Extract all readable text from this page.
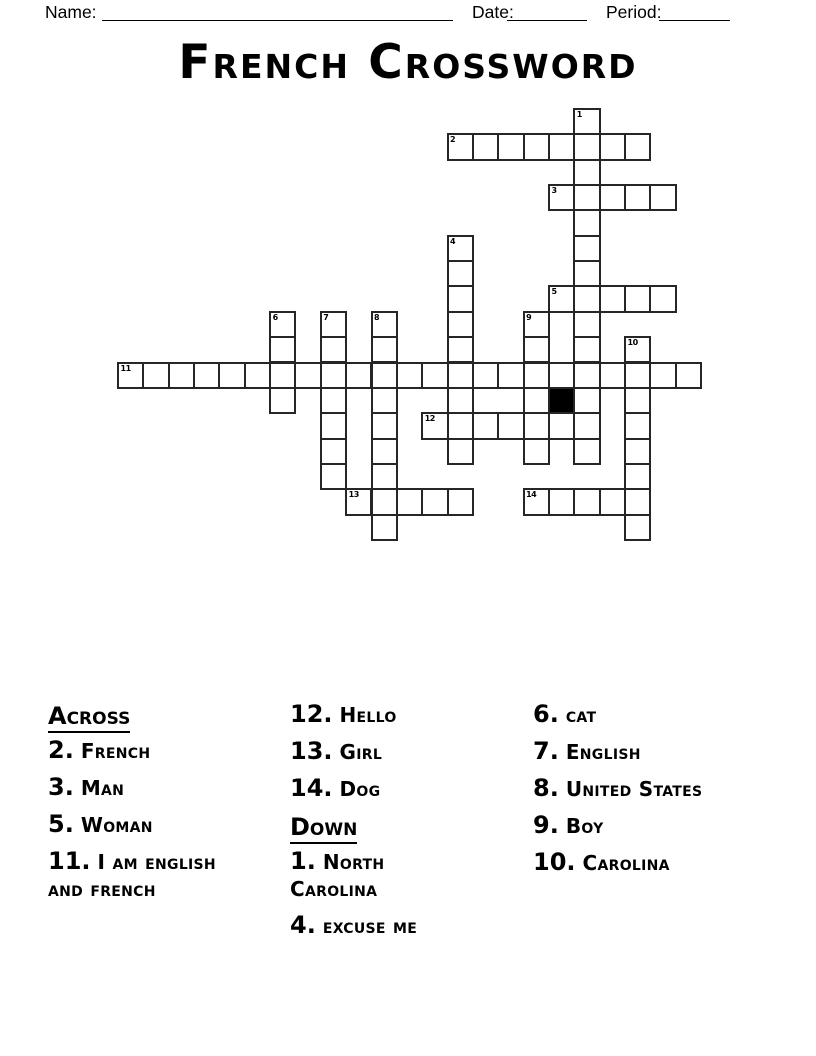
Name:	Date:	Period:
French Crossword
1
2
3
4
5
6	7	8	9
10
11
12
13	14
Across
2. French
3. Man
5. Woman
11. I am english and french
12. Hello
13. Girl
14. Dog
Down
1. North Carolina
4. excuse me
6. cat
7. English
8. United States
9. Boy
10. Carolina
